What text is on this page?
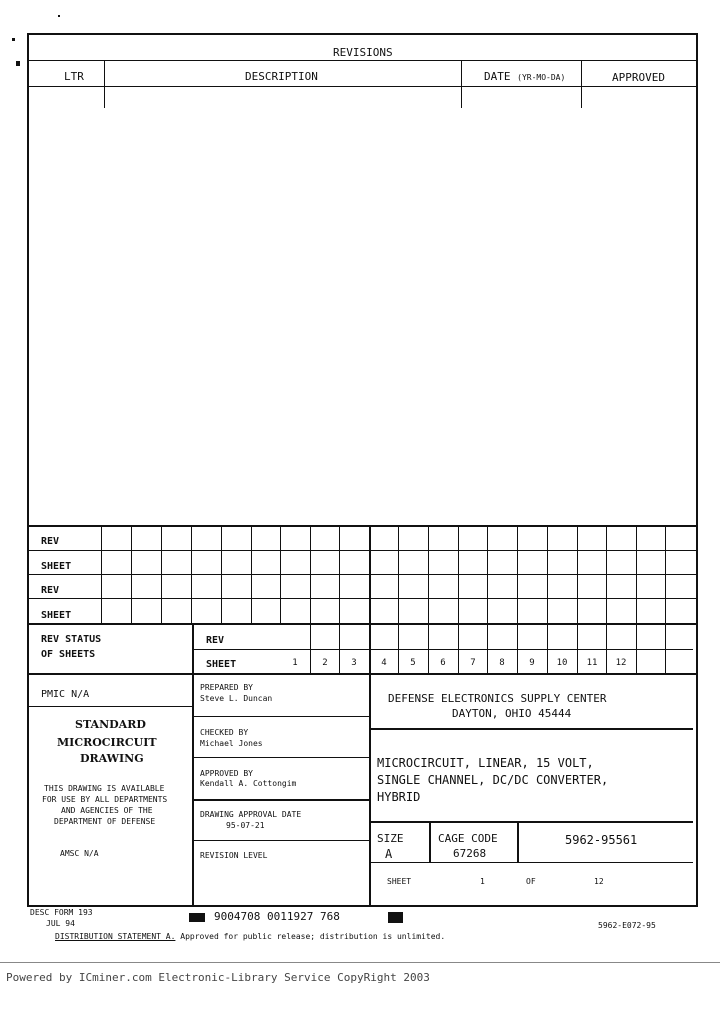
REVISIONS
LTR	DESCRIPTION	DATE (YR-MO-DA)	APPROVED
REV
SHEET
REV
SHEET
REV STATUS
OF SHEETS
REV
SHEET	1	2	3	4	5	6	7	8	9	10	11	12
PMIC N/A
STANDARD
MICROCIRCUIT
DRAWING
THIS DRAWING IS AVAILABLE
FOR USE BY ALL DEPARTMENTS
AND AGENCIES OF THE
DEPARTMENT OF DEFENSE
AMSC N/A
PREPARED BY
Steve L. Duncan
CHECKED BY
Michael Jones
APPROVED BY
Kendall A. Cottongim
DRAWING APPROVAL DATE
95-07-21
REVISION LEVEL
DEFENSE ELECTRONICS SUPPLY CENTER
DAYTON, OHIO 45444
MICROCIRCUIT, LINEAR, 15 VOLT,
SINGLE CHANNEL, DC/DC CONVERTER,
HYBRID
SIZE
A
CAGE CODE
67268
5962-95561
SHEET	1	OF	12
DESC FORM 193
JUL 94
9004708 0011927 768
DISTRIBUTION STATEMENT A. Approved for public release; distribution is unlimited.
5962-E072-95
Powered by ICminer.com Electronic-Library Service CopyRight 2003
